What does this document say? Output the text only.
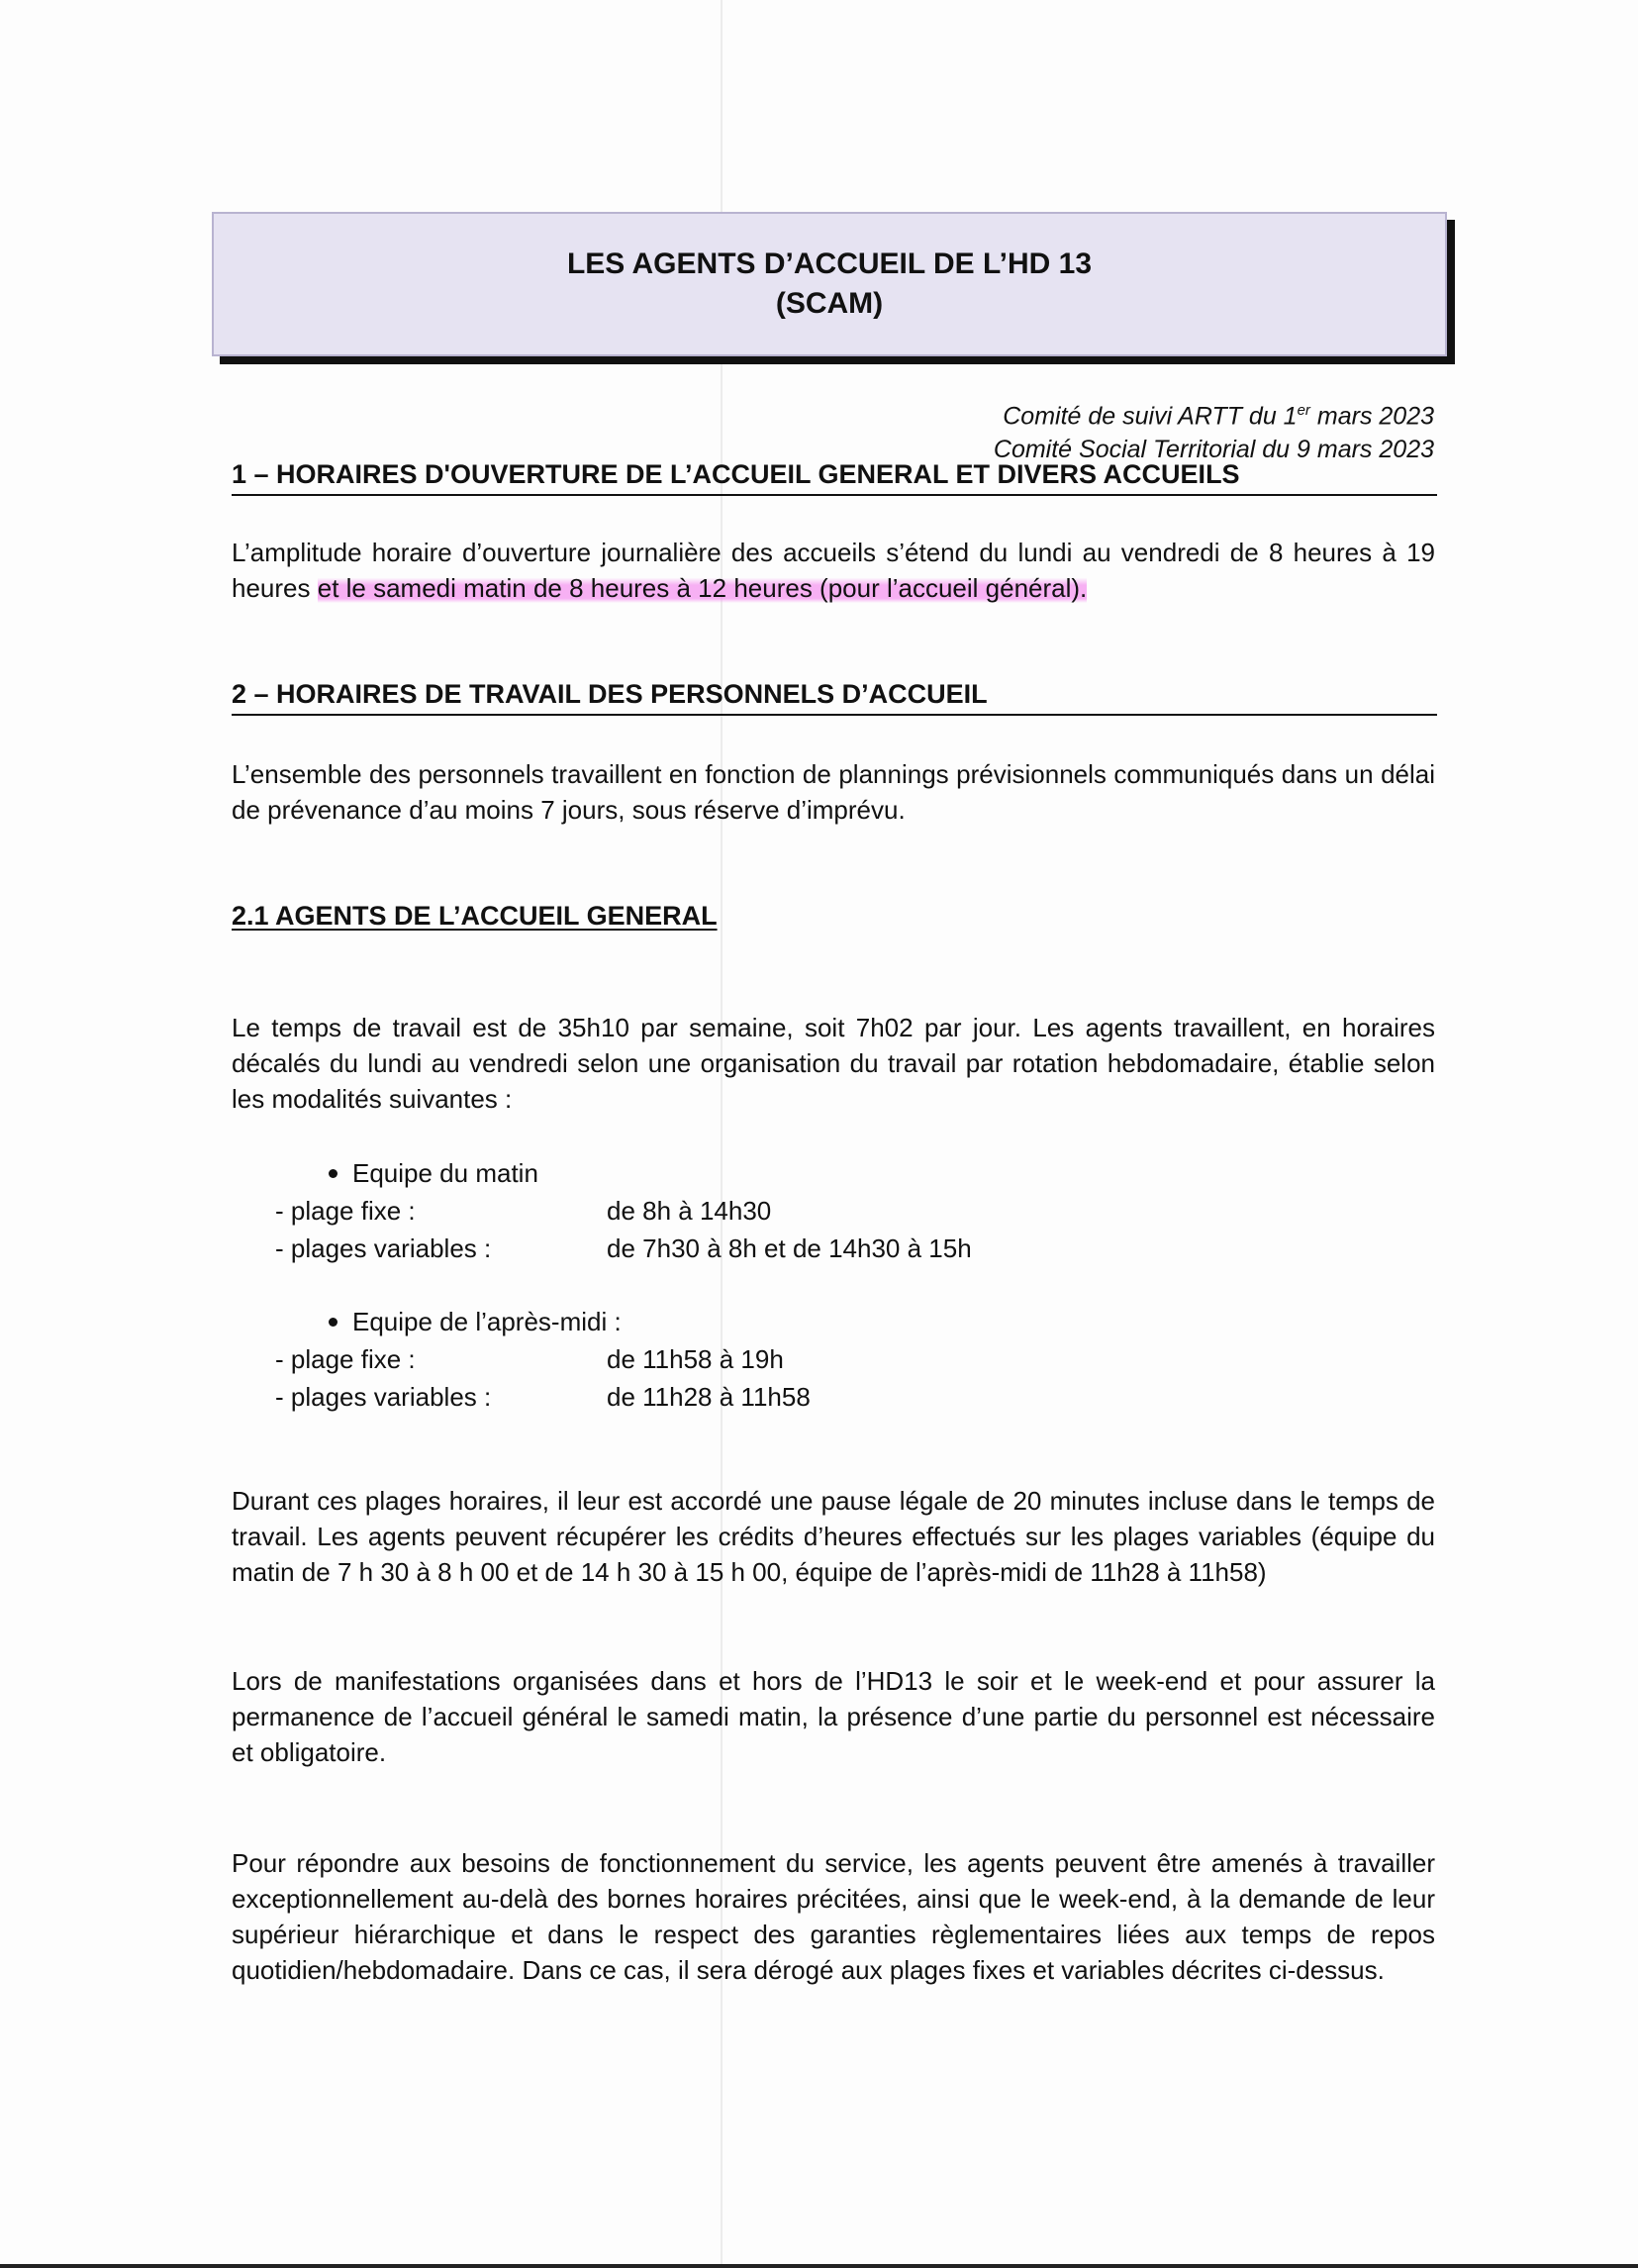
LES AGENTS D’ACCUEIL DE L’HD 13
(SCAM)
Comité de suivi ARTT du 1er mars 2023
Comité Social Territorial du 9 mars 2023
1 – HORAIRES D'OUVERTURE DE L’ACCUEIL GENERAL ET DIVERS ACCUEILS

L’amplitude horaire d’ouverture journalière des accueils s’étend du lundi au vendredi de 8 heures à 19 heures et le samedi matin de 8 heures à 12 heures (pour l’accueil général).

2 – HORAIRES DE TRAVAIL DES PERSONNELS D’ACCUEIL

L’ensemble des personnels travaillent en fonction de plannings prévisionnels communiqués dans un délai de prévenance d’au moins 7 jours, sous réserve d’imprévu.

2.1 AGENTS DE L’ACCUEIL GENERAL

Le temps de travail est de 35h10 par semaine, soit 7h02 par jour. Les agents travaillent, en horaires décalés du lundi au vendredi selon une organisation du travail par rotation hebdomadaire, établie selon les modalités suivantes :

Equipe du matin
- plage fixe :	de 8h à 14h30
- plages variables :	de 7h30 à 8h et de 14h30 à 15h
Equipe de l’après-midi :
- plage fixe :	de 11h58 à 19h
- plages variables :	de 11h28 à 11h58

Durant ces plages horaires, il leur est accordé une pause légale de 20 minutes incluse dans le temps de travail. Les agents peuvent récupérer les crédits d’heures effectués sur les plages variables (équipe du matin de 7 h 30 à 8 h 00 et de 14 h 30 à 15 h 00, équipe de l’après-midi de 11h28 à 11h58)

Lors de manifestations organisées dans et hors de l’HD13 le soir et le week-end et pour assurer la permanence de l’accueil général le samedi matin, la présence d’une partie du personnel est nécessaire et obligatoire.

Pour répondre aux besoins de fonctionnement du service, les agents peuvent être amenés à travailler exceptionnellement au-delà des bornes horaires précitées, ainsi que le week-end, à la demande de leur supérieur hiérarchique et dans le respect des garanties règlementaires liées aux temps de repos quotidien/hebdomadaire. Dans ce cas, il sera dérogé aux plages fixes et variables décrites ci-dessus.
